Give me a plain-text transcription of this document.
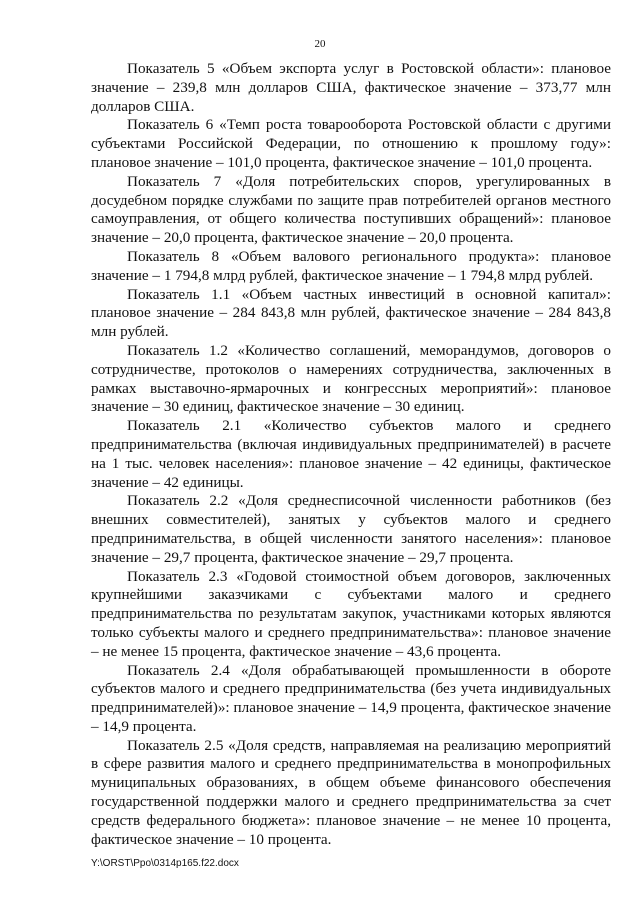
20

Показатель 5 «Объем экспорта услуг в Ростовской области»: плановое значение – 239,8 млн долларов США, фактическое значение – 373,77 млн долларов США.

Показатель 6 «Темп роста товарооборота Ростовской области с другими субъектами Российской Федерации, по отношению к прошлому году»: плановое значение – 101,0 процента, фактическое значение – 101,0 процента.

Показатель 7 «Доля потребительских споров, урегулированных в досудебном порядке службами по защите прав потребителей органов местного самоуправления, от общего количества поступивших обращений»: плановое значение – 20,0 процента, фактическое значение – 20,0 процента.

Показатель 8 «Объем валового регионального продукта»: плановое значение – 1 794,8 млрд рублей, фактическое значение – 1 794,8 млрд рублей.

Показатель 1.1 «Объем частных инвестиций в основной капитал»: плановое значение – 284 843,8 млн рублей, фактическое значение – 284 843,8 млн рублей.

Показатель 1.2 «Количество соглашений, меморандумов, договоров о сотрудничестве, протоколов о намерениях сотрудничества, заключенных в рамках выставочно-ярмарочных и конгрессных мероприятий»: плановое значение – 30 единиц, фактическое значение – 30 единиц.

Показатель 2.1 «Количество субъектов малого и среднего предпринимательства (включая индивидуальных предпринимателей) в расчете на 1 тыс. человек населения»: плановое значение – 42 единицы, фактическое значение – 42 единицы.

Показатель 2.2 «Доля среднесписочной численности работников (без внешних совместителей), занятых у субъектов малого и среднего предпринимательства, в общей численности занятого населения»: плановое значение – 29,7 процента, фактическое значение – 29,7 процента.

Показатель 2.3 «Годовой стоимостной объем договоров, заключенных крупнейшими заказчиками с субъектами малого и среднего предпринимательства по результатам закупок, участниками которых являются только субъекты малого и среднего предпринимательства»: плановое значение – не менее 15 процента, фактическое значение – 43,6 процента.

Показатель 2.4 «Доля обрабатывающей промышленности в обороте субъектов малого и среднего предпринимательства (без учета индивидуальных предпринимателей)»: плановое значение – 14,9 процента, фактическое значение – 14,9 процента.

Показатель 2.5 «Доля средств, направляемая на реализацию мероприятий в сфере развития малого и среднего предпринимательства в монопрофильных муниципальных образованиях, в общем объеме финансового обеспечения государственной поддержки малого и среднего предпринимательства за счет средств федерального бюджета»: плановое значение – не менее 10 процента, фактическое значение – 10 процента.

Y:\ORST\Ppo\0314p165.f22.docx
